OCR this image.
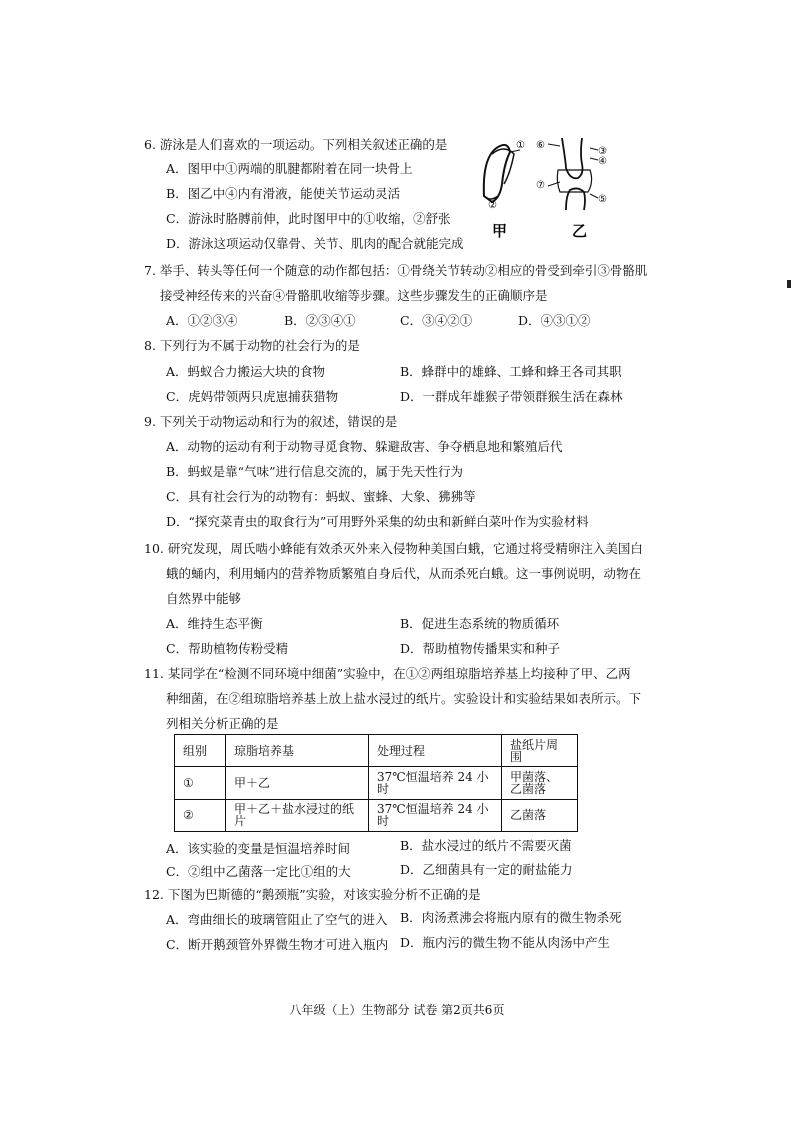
6. 游泳是人们喜欢的一项运动。下列相关叙述正确的是
A．图甲中①两端的肌腱都附着在同一块骨上
B．图乙中④内有滑液，能使关节运动灵活
C．游泳时胳膊前伸，此时图甲中的①收缩，②舒张
D．游泳这项运动仅靠骨、关节、肌肉的配合就能完成
①
②
⑥
③
④
⑦
⑤
甲	乙
7. 举手、转头等任何一个随意的动作都包括：①骨绕关节转动②相应的骨受到牵引③骨骼肌
接受神经传来的兴奋④骨骼肌收缩等步骤。这些步骤发生的正确顺序是
A．①②③④	B．②③④①	C．③④②①	D．④③①②
8. 下列行为不属于动物的社会行为的是
A．蚂蚁合力搬运大块的食物	B．蜂群中的雄蜂、工蜂和蜂王各司其职
C．虎妈带领两只虎崽捕获猎物	D．一群成年雄猴子带领群猴生活在森林
9. 下列关于动物运动和行为的叙述，错误的是
A．动物的运动有利于动物寻觅食物、躲避敌害、争夺栖息地和繁殖后代
B．蚂蚁是靠“气味”进行信息交流的，属于先天性行为
C．具有社会行为的动物有：蚂蚁、蜜蜂、大象、狒狒等
D．“探究菜青虫的取食行为”可用野外采集的幼虫和新鲜白菜叶作为实验材料
10. 研究发现，周氏啮小蜂能有效杀灭外来入侵物种美国白蛾，它通过将受精卵注入美国白
蛾的蛹内，利用蛹内的营养物质繁殖自身后代，从而杀死白蛾。这一事例说明，动物在
自然界中能够
A．维持生态平衡	B．促进生态系统的物质循环
C．帮助植物传粉受精	D．帮助植物传播果实和种子
11. 某同学在“检测不同环境中细菌”实验中，在①②两组琼脂培养基上均接种了甲、乙两
种细菌，在②组琼脂培养基上放上盐水浸过的纸片。实验设计和实验结果如表所示。下
列相关分析正确的是
组别	琼脂培养基	处理过程	盐纸片周围
①	甲＋乙	37℃恒温培养 24 小时	甲菌落、乙菌落
②	甲＋乙＋盐水浸过的纸片	37℃恒温培养 24 小时	乙菌落
A．该实验的变量是恒温培养时间	B．盐水浸过的纸片不需要灭菌
C．②组中乙菌落一定比①组的大	D．乙细菌具有一定的耐盐能力
12. 下图为巴斯德的“鹅颈瓶”实验，对该实验分析不正确的是
A．弯曲细长的玻璃管阻止了空气的进入 B．肉汤煮沸会将瓶内原有的微生物杀死
C．断开鹅颈管外界微生物才可进入瓶内 D．瓶内污的微生物不能从肉汤中产生
八年级（上）生物部分 试卷 第2页共6页
